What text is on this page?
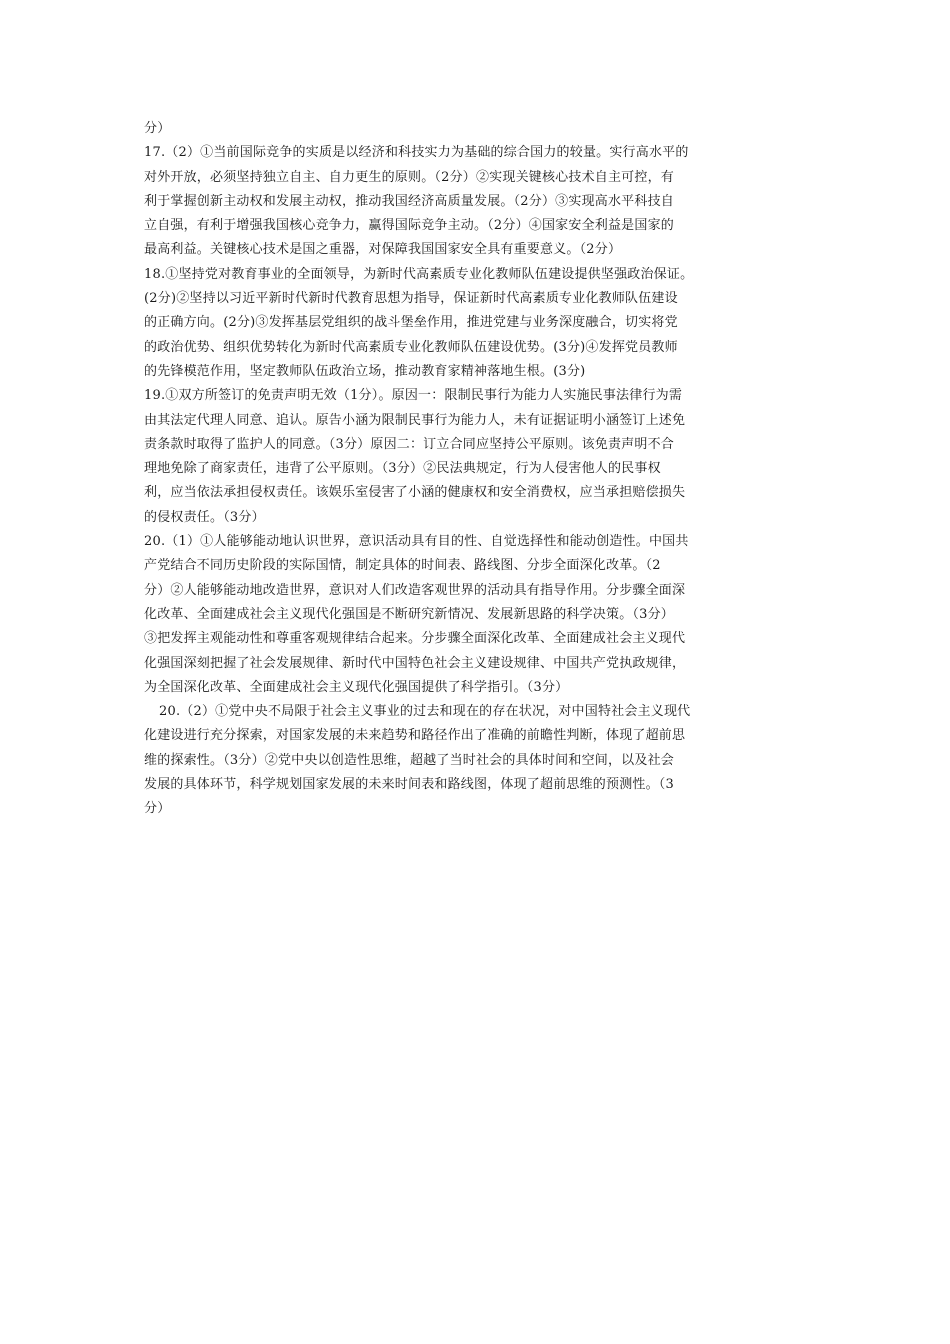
分）
17.（2）①当前国际竞争的实质是以经济和科技实力为基础的综合国力的较量。实行高水平的
对外开放，必须坚持独立自主、自力更生的原则。（2分）②实现关键核心技术自主可控，有
利于掌握创新主动权和发展主动权，推动我国经济高质量发展。（2分）③实现高水平科技自
立自强，有利于增强我国核心竞争力，赢得国际竞争主动。（2分）④国家安全利益是国家的
最高利益。关键核心技术是国之重器，对保障我国国家安全具有重要意义。（2分）
18.①坚持党对教育事业的全面领导，为新时代高素质专业化教师队伍建设提供坚强政治保证。
(2分)②坚持以习近平新时代新时代教育思想为指导，保证新时代高素质专业化教师队伍建设
的正确方向。(2分)③发挥基层党组织的战斗堡垒作用，推进党建与业务深度融合，切实将党
的政治优势、组织优势转化为新时代高素质专业化教师队伍建设优势。(3分)④发挥党员教师
的先锋模范作用，坚定教师队伍政治立场，推动教育家精神落地生根。(3分)
19.①双方所签订的免责声明无效（1分）。原因一：限制民事行为能力人实施民事法律行为需
由其法定代理人同意、追认。原告小涵为限制民事行为能力人，未有证据证明小涵签订上述免
责条款时取得了监护人的同意。（3分）原因二：订立合同应坚持公平原则。该免责声明不合
理地免除了商家责任，违背了公平原则。（3分）②民法典规定，行为人侵害他人的民事权
利，应当依法承担侵权责任。该娱乐室侵害了小涵的健康权和安全消费权，应当承担赔偿损失
的侵权责任。（3分）
20.（1）①人能够能动地认识世界，意识活动具有目的性、自觉选择性和能动创造性。中国共
产党结合不同历史阶段的实际国情，制定具体的时间表、路线图、分步全面深化改革。（2
分）②人能够能动地改造世界，意识对人们改造客观世界的活动具有指导作用。分步骤全面深
化改革、全面建成社会主义现代化强国是不断研究新情况、发展新思路的科学决策。（3分）
③把发挥主观能动性和尊重客观规律结合起来。分步骤全面深化改革、全面建成社会主义现代
化强国深刻把握了社会发展规律、新时代中国特色社会主义建设规律、中国共产党执政规律，
为全国深化改革、全面建成社会主义现代化强国提供了科学指引。（3分）
20.（2）①党中央不局限于社会主义事业的过去和现在的存在状况，对中国特社会主义现代
化建设进行充分探索，对国家发展的未来趋势和路径作出了准确的前瞻性判断，体现了超前思
维的探索性。（3分）②党中央以创造性思维，超越了当时社会的具体时间和空间，以及社会
发展的具体环节，科学规划国家发展的未来时间表和路线图，体现了超前思维的预测性。（3
分）
